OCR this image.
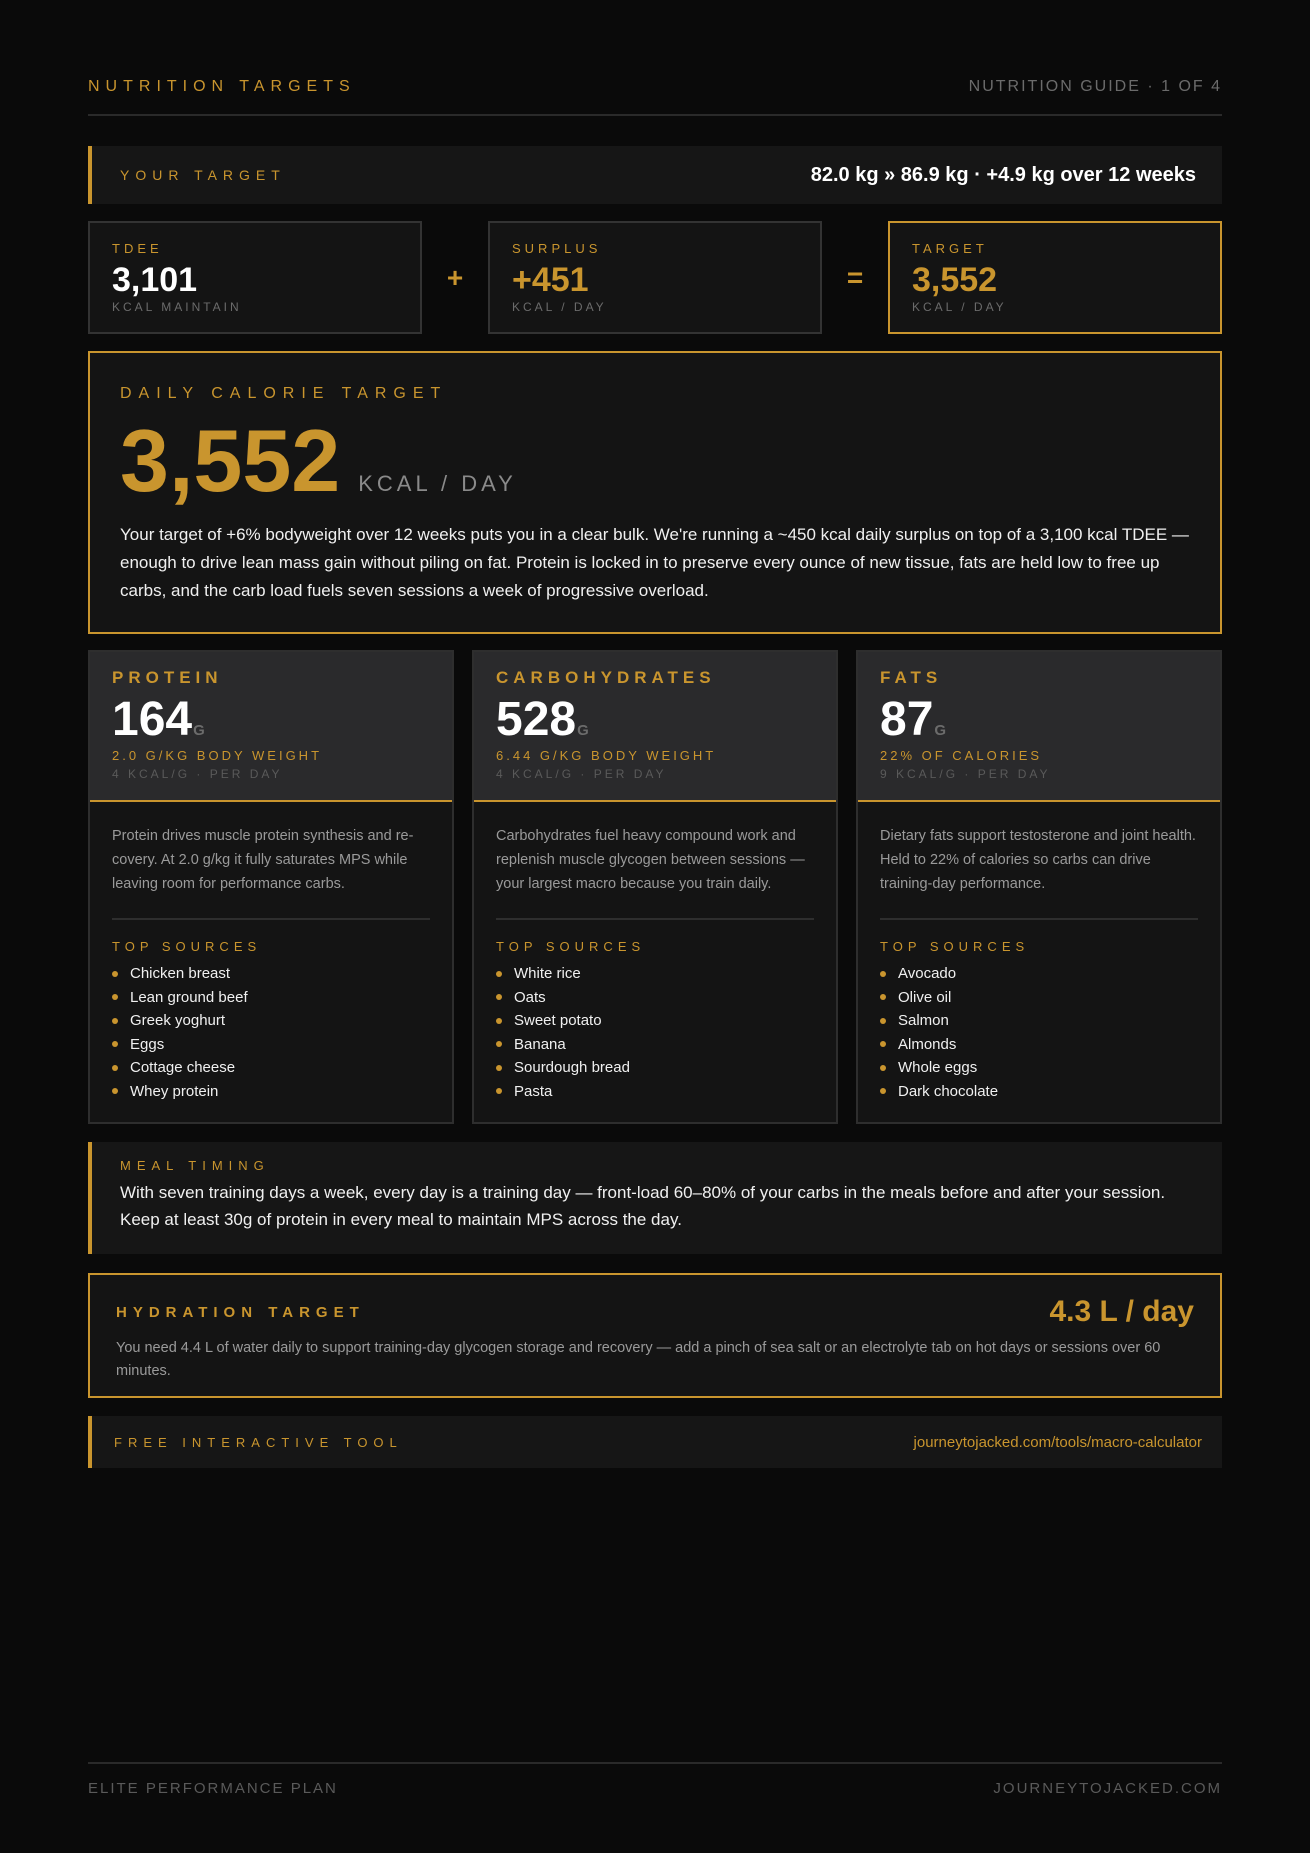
NUTRITION TARGETS	NUTRITION GUIDE · 1 OF 4
YOUR TARGET	82.0 kg » 86.9 kg · +4.9 kg over 12 weeks
TDEE
3,101
KCAL MAINTAIN
+
SURPLUS
+451
KCAL / DAY
=
TARGET
3,552
KCAL / DAY
DAILY CALORIE TARGET
3,552 KCAL / DAY
Your target of +6% bodyweight over 12 weeks puts you in a clear bulk. We're running a ~450 kcal daily surplus on top of a 3,100 kcal TDEE — enough to drive lean mass gain without piling on fat. Protein is locked in to preserve every ounce of new tissue, fats are held low to free up carbs, and the carb load fuels seven sessions a week of progressive overload.
PROTEIN
164 G
2.0 G/KG BODY WEIGHT
4 KCAL/G · PER DAY
Protein drives muscle protein synthesis and re-covery. At 2.0 g/kg it fully saturates MPS while leaving room for performance carbs.
TOP SOURCES
Chicken breast
Lean ground beef
Greek yoghurt
Eggs
Cottage cheese
Whey protein
CARBOHYDRATES
528 G
6.44 G/KG BODY WEIGHT
4 KCAL/G · PER DAY
Carbohydrates fuel heavy compound work and replenish muscle glycogen between sessions — your largest macro because you train daily.
TOP SOURCES
White rice
Oats
Sweet potato
Banana
Sourdough bread
Pasta
FATS
87 G
22% OF CALORIES
9 KCAL/G · PER DAY
Dietary fats support testosterone and joint health. Held to 22% of calories so carbs can drive training-day performance.
TOP SOURCES
Avocado
Olive oil
Salmon
Almonds
Whole eggs
Dark chocolate
MEAL TIMING
With seven training days a week, every day is a training day — front-load 60–80% of your carbs in the meals before and after your session. Keep at least 30g of protein in every meal to maintain MPS across the day.
HYDRATION TARGET	4.3 L / day
You need 4.4 L of water daily to support training-day glycogen storage and recovery — add a pinch of sea salt or an electrolyte tab on hot days or sessions over 60 minutes.
FREE INTERACTIVE TOOL	journeytojacked.com/tools/macro-calculator
ELITE PERFORMANCE PLAN	JOURNEYTOJACKED.COM
